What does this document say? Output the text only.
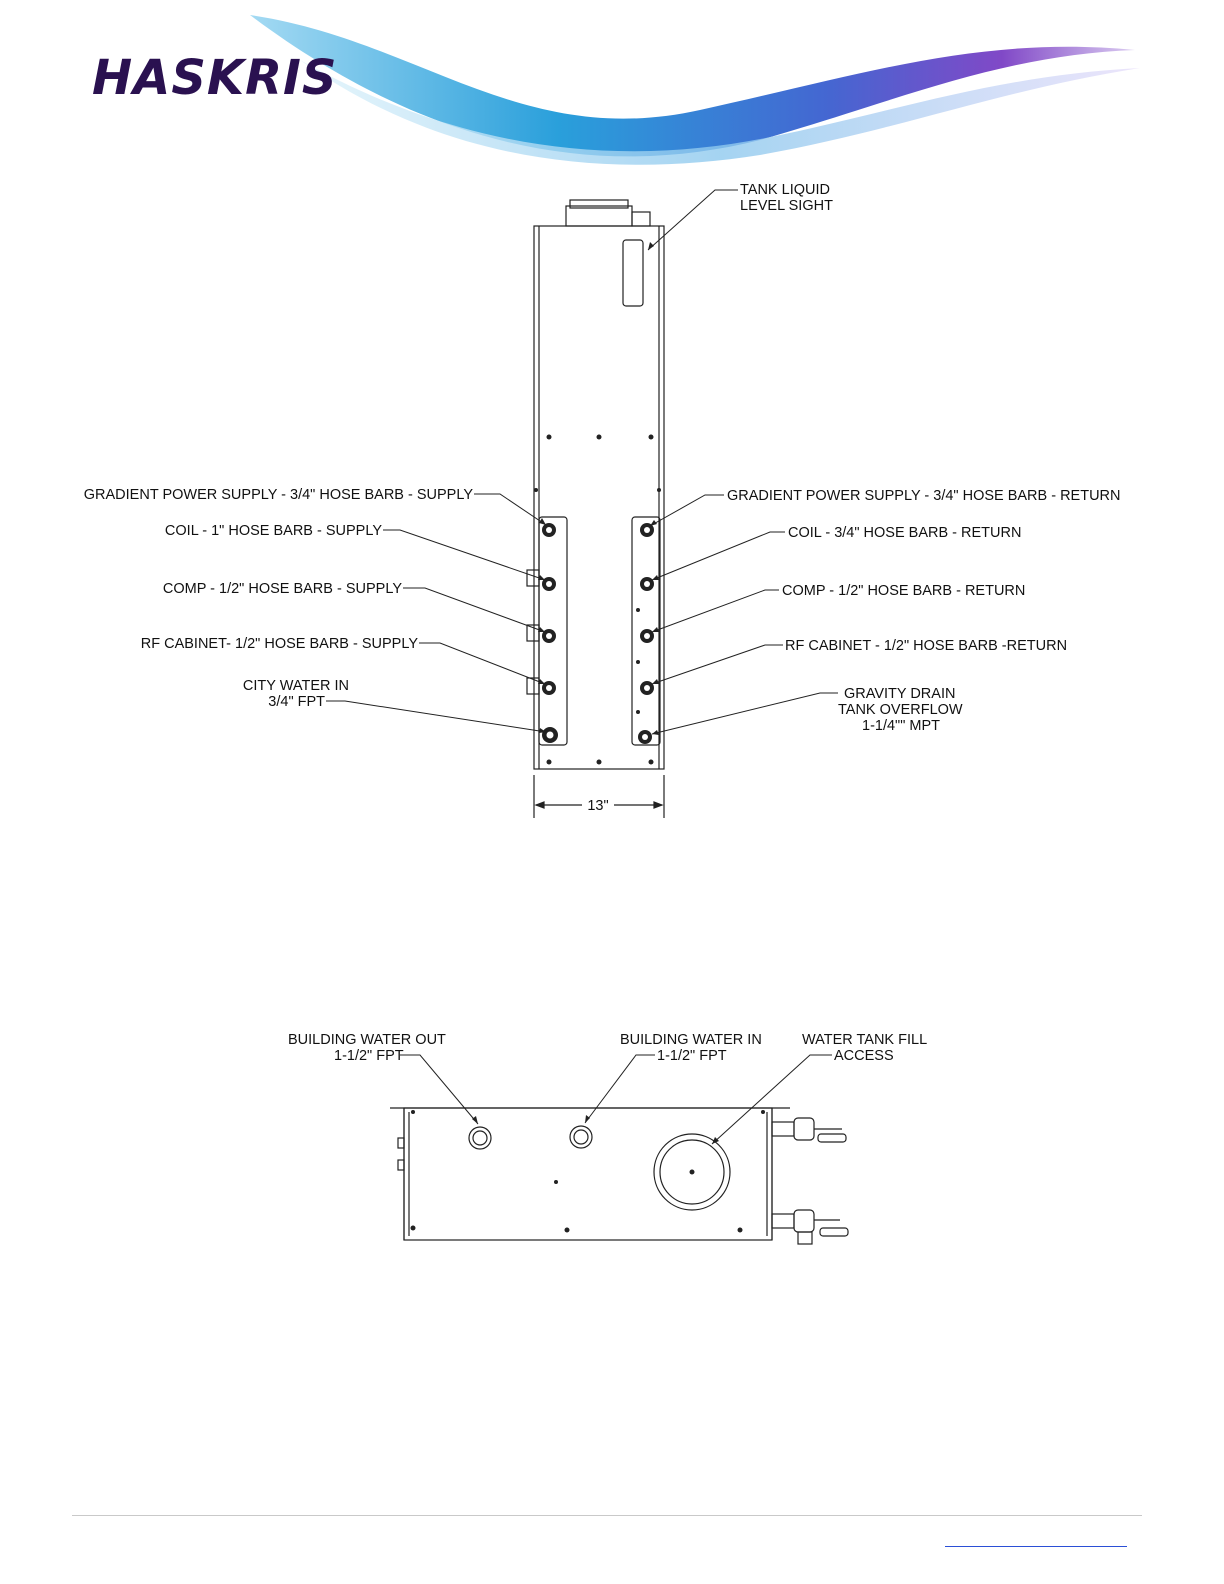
HASKRIS
TANK LIQUID
LEVEL SIGHT
GRADIENT POWER SUPPLY - 3/4" HOSE BARB - SUPPLY
COIL - 1" HOSE BARB - SUPPLY
COMP - 1/2" HOSE BARB - SUPPLY
RF CABINET- 1/2" HOSE BARB - SUPPLY
CITY WATER IN
3/4" FPT
GRADIENT POWER SUPPLY - 3/4" HOSE BARB - RETURN
COIL - 3/4" HOSE BARB - RETURN
COMP - 1/2" HOSE BARB - RETURN
RF CABINET - 1/2" HOSE BARB -RETURN
GRAVITY DRAIN
TANK OVERFLOW
1-1/4"" MPT
13"
BUILDING WATER OUT
1-1/2" FPT
BUILDING WATER IN
1-1/2" FPT
WATER TANK FILL
ACCESS
